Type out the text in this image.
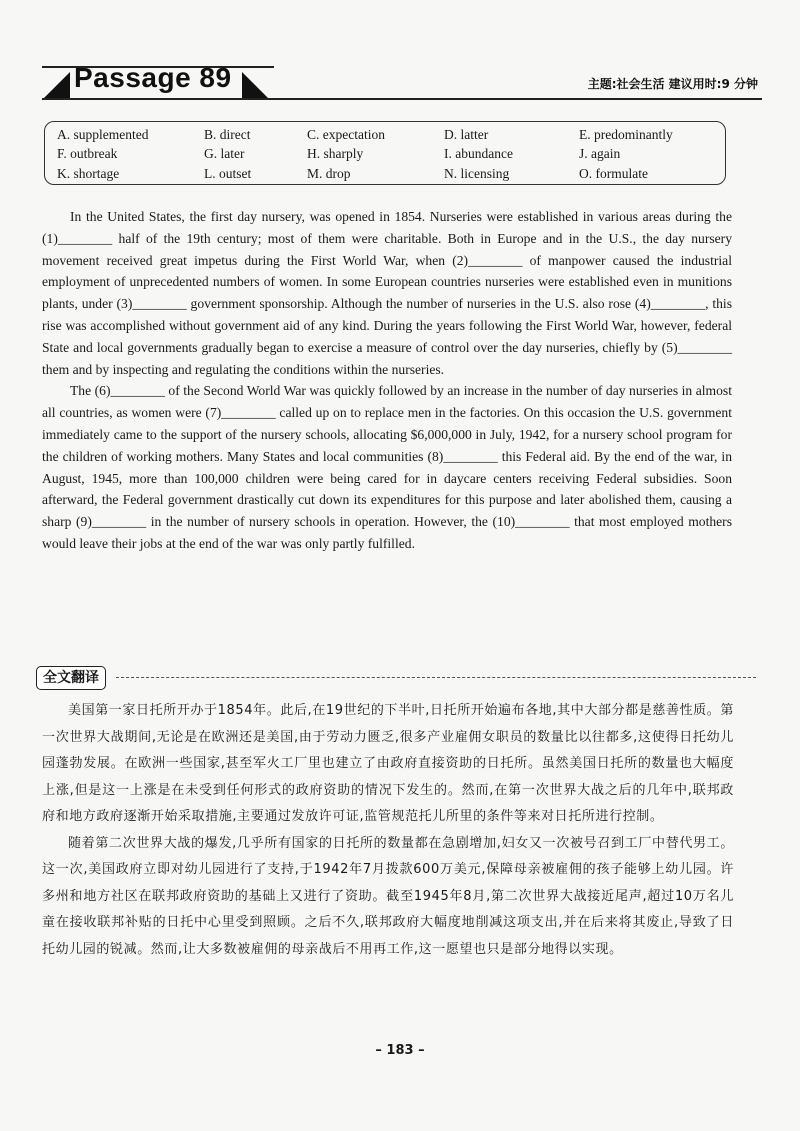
Passage 89	主题:社会生活 建议用时:9 分钟
A. supplemented	B. direct	C. expectation	D. latter	E. predominantly
F. outbreak	G. later	H. sharply	I. abundance	J. again
K. shortage	L. outset	M. drop	N. licensing	O. formulate

In the United States, the first day nursery, was opened in 1854. Nurseries were established in various areas during the (1)________ half of the 19th century; most of them were charitable. Both in Europe and in the U.S., the day nursery movement received great impetus during the First World War, when (2)________ of manpower caused the industrial employment of unprecedented numbers of women. In some European countries nurseries were established even in munitions plants, under (3)________ government sponsorship. Although the number of nurseries in the U.S. also rose (4)________, this rise was accomplished without government aid of any kind. During the years following the First World War, however, federal State and local governments gradually began to exercise a measure of control over the day nurseries, chiefly by (5)________ them and by inspecting and regulating the conditions within the nurseries.

The (6)________ of the Second World War was quickly followed by an increase in the number of day nurseries in almost all countries, as women were (7)________ called up on to replace men in the factories. On this occasion the U.S. government immediately came to the support of the nursery schools, allocating $6,000,000 in July, 1942, for a nursery school program for the children of working mothers. Many States and local communities (8)________ this Federal aid. By the end of the war, in August, 1945, more than 100,000 children were being cared for in daycare centers receiving Federal subsidies. Soon afterward, the Federal government drastically cut down its expenditures for this purpose and later abolished them, causing a sharp (9)________ in the number of nursery schools in operation. However, the (10)________ that most employed mothers would leave their jobs at the end of the war was only partly fulfilled.

全文翻译

美国第一家日托所开办于1854年。此后,在19世纪的下半叶,日托所开始遍布各地,其中大部分都是慈善性质。第一次世界大战期间,无论是在欧洲还是美国,由于劳动力匮乏,很多产业雇佣女职员的数量比以往都多,这使得日托幼儿园蓬勃发展。在欧洲一些国家,甚至军火工厂里也建立了由政府直接资助的日托所。虽然美国日托所的数量也大幅度上涨,但是这一上涨是在未受到任何形式的政府资助的情况下发生的。然而,在第一次世界大战之后的几年中,联邦政府和地方政府逐渐开始采取措施,主要通过发放许可证,监管规范托儿所里的条件等来对日托所进行控制。

随着第二次世界大战的爆发,几乎所有国家的日托所的数量都在急剧增加,妇女又一次被号召到工厂中替代男工。这一次,美国政府立即对幼儿园进行了支持,于1942年7月拨款600万美元,保障母亲被雇佣的孩子能够上幼儿园。许多州和地方社区在联邦政府资助的基础上又进行了资助。截至1945年8月,第二次世界大战接近尾声,超过10万名儿童在接收联邦补贴的日托中心里受到照顾。之后不久,联邦政府大幅度地削减这项支出,并在后来将其废止,导致了日托幼儿园的锐减。然而,让大多数被雇佣的母亲战后不用再工作,这一愿望也只是部分地得以实现。

– 183 –
